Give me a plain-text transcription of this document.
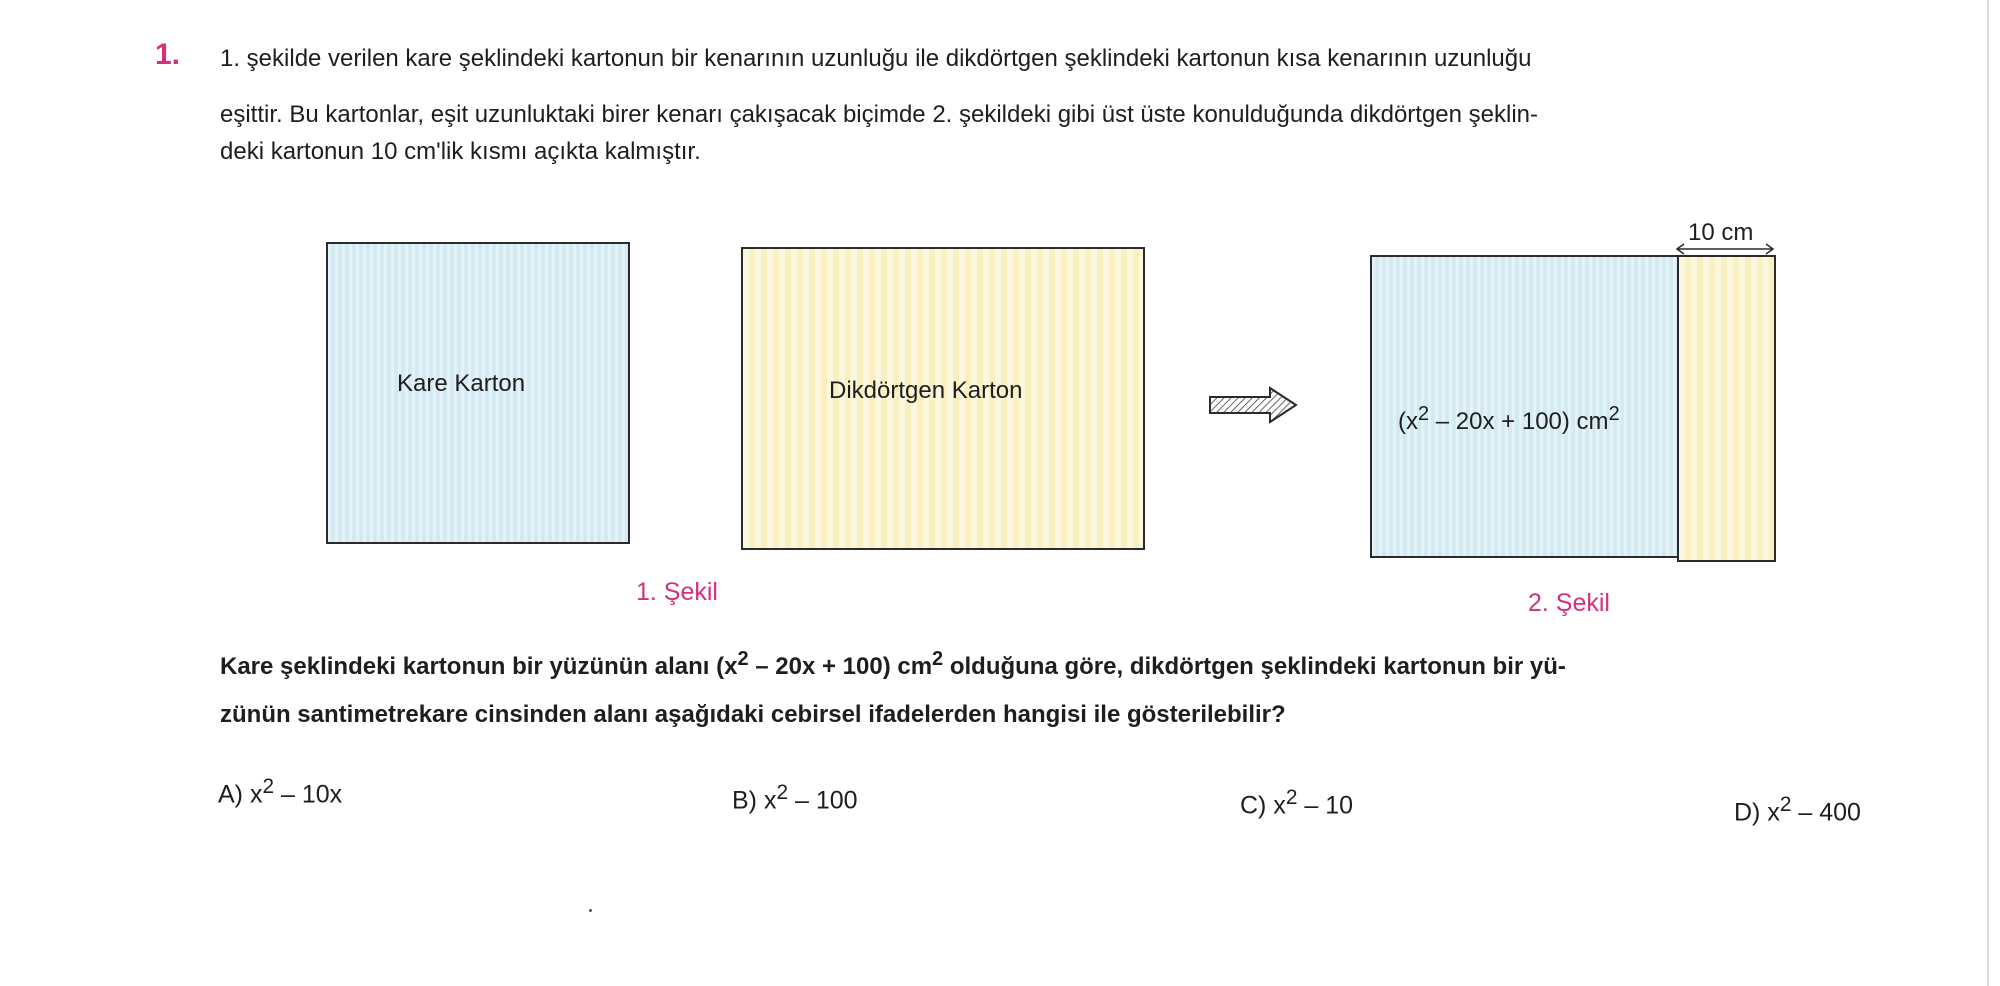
1. 1. şekilde verilen kare şeklindeki kartonun bir kenarının uzunluğu ile dikdörtgen şeklindeki kartonun kısa kenarının uzunluğu
eşittir. Bu kartonlar, eşit uzunluktaki birer kenarı çakışacak biçimde 2. şekildeki gibi üst üste konulduğunda dikdörtgen şeklin-
deki kartonun 10 cm'lik kısmı açıkta kalmıştır.
Kare Karton	Dikdörtgen Karton
1. Şekil
$(x^2 - 20x + 100)$ $cm^2$
10 cm
2. Şekil
Kare şeklindeki kartonun bir yüzünün alanı $(x^2 - 20x + 100)$ $cm^2$ olduğuna göre, dikdörtgen şeklindeki kartonun bir yü-
zünün santimetrekare cinsinden alanı aşağıdaki cebirsel ifadelerden hangisi ile gösterilebilir?
A) $x^2 - 10x$	B) $x^2 - 100$	C) $x^2 - 10$	D) $x^2 - 400$
